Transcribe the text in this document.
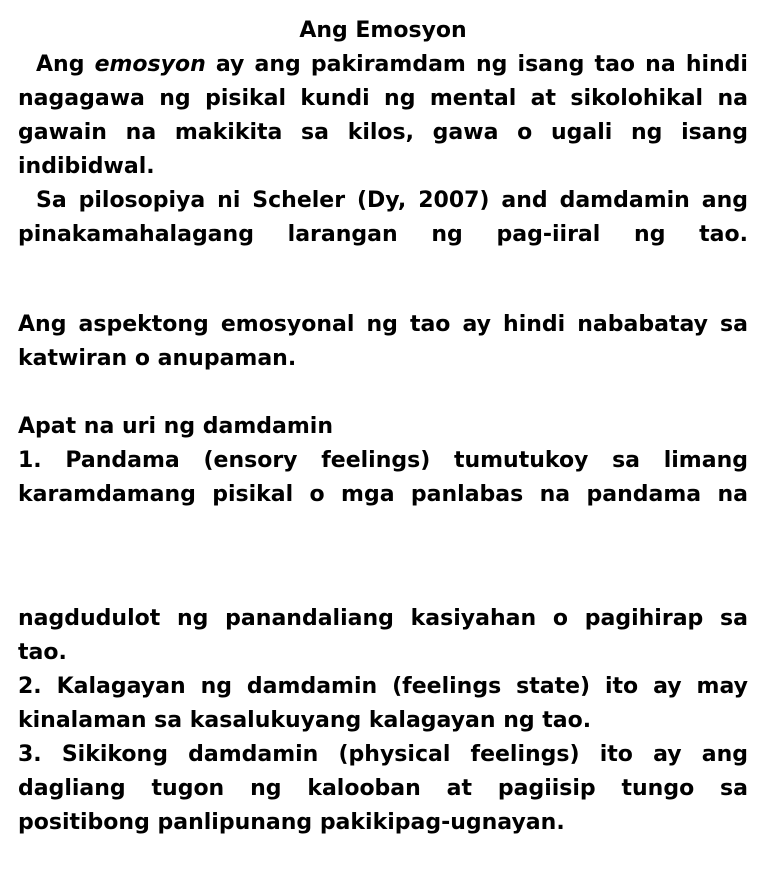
Ang Emosyon

Ang emosyon ay ang pakiramdam ng isang tao na hindi nagagawa ng pisikal kundi ng mental at sikolohikal na gawain na makikita sa kilos, gawa o ugali ng isang indibidwal.

Sa pilosopiya ni Scheler (Dy, 2007) and damdamin ang pinakamahalagang larangan ng pag-iiral ng tao.

Ang aspektong emosyonal ng tao ay hindi nababatay sa katwiran o anupaman.

Apat na uri ng damdamin

1. Pandama (ensory feelings) tumutukoy sa limang karamdamang pisikal o mga panlabas na pandama na

nagdudulot ng panandaliang kasiyahan o pagihirap sa tao.

2. Kalagayan ng damdamin (feelings state) ito ay may kinalaman sa kasalukuyang kalagayan ng tao.

3. Sikikong damdamin (physical feelings) ito ay ang dagliang tugon ng kalooban at pagiisip tungo sa positibong panlipunang pakikipag-ugnayan.
